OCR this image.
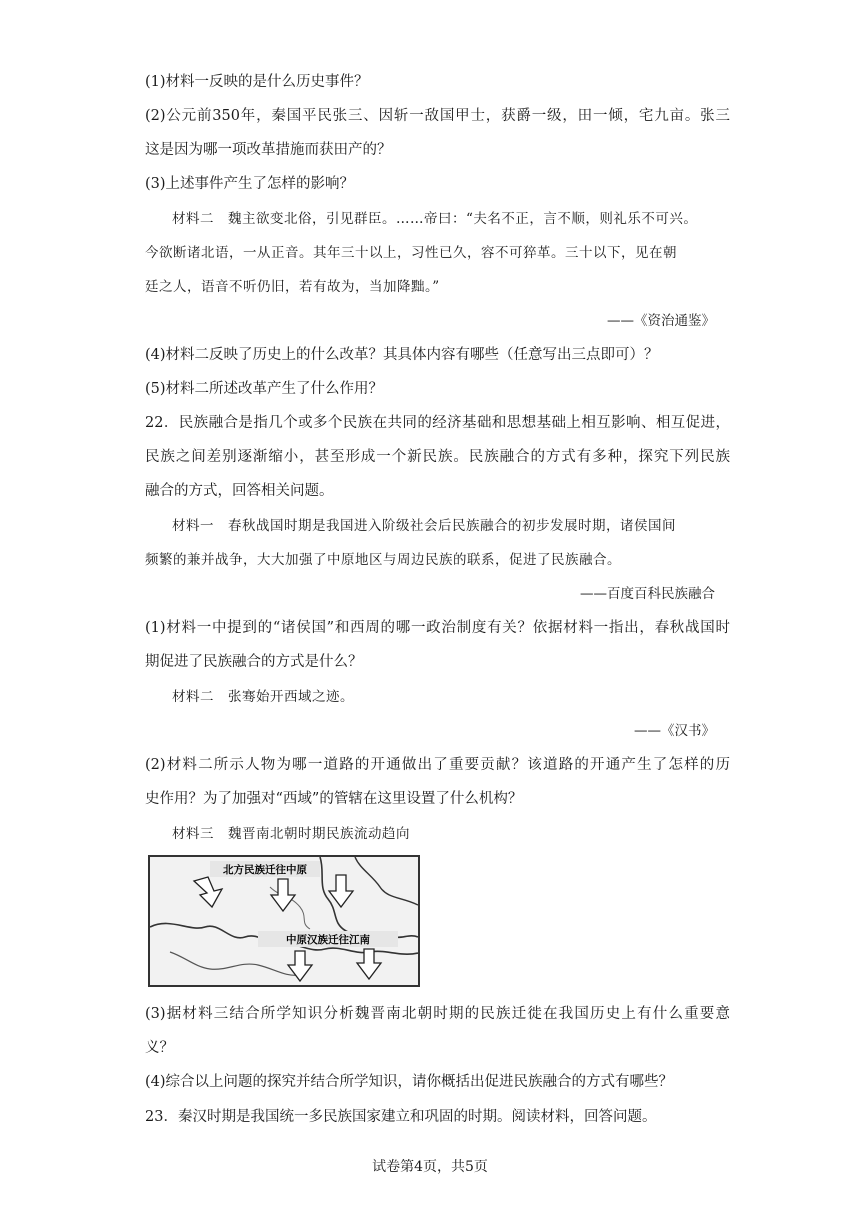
(1)材料一反映的是什么历史事件？
(2)公元前350年，秦国平民张三、因斩一敌国甲士，获爵一级，田一倾，宅九亩。张三
这是因为哪一项改革措施而获田产的？
(3)上述事件产生了怎样的影响？
材料二　魏主欲变北俗，引见群臣。……帝曰：“夫名不正，言不顺，则礼乐不可兴。
今欲断诸北语，一从正音。其年三十以上，习性已久，容不可猝革。三十以下，见在朝
廷之人，语音不听仍旧，若有故为，当加降黜。”
——《资治通鉴》
(4)材料二反映了历史上的什么改革？其具体内容有哪些（任意写出三点即可）？
(5)材料二所述改革产生了什么作用？
22．民族融合是指几个或多个民族在共同的经济基础和思想基础上相互影响、相互促进，
民族之间差别逐渐缩小，甚至形成一个新民族。民族融合的方式有多种，探究下列民族
融合的方式，回答相关问题。
材料一　春秋战国时期是我国进入阶级社会后民族融合的初步发展时期，诸侯国间
频繁的兼并战争，大大加强了中原地区与周边民族的联系，促进了民族融合。
——百度百科民族融合
(1)材料一中提到的“诸侯国”和西周的哪一政治制度有关？依据材料一指出，春秋战国时
期促进了民族融合的方式是什么？
材料二　张骞始开西域之迹。
——《汉书》
(2)材料二所示人物为哪一道路的开通做出了重要贡献？该道路的开通产生了怎样的历
史作用？为了加强对“西域”的管辖在这里设置了什么机构？
材料三　魏晋南北朝时期民族流动趋向
北方民族迁往中原
中原汉族迁往江南
(3)据材料三结合所学知识分析魏晋南北朝时期的民族迁徙在我国历史上有什么重要意
义？
(4)综合以上问题的探究并结合所学知识，请你概括出促进民族融合的方式有哪些？
23．秦汉时期是我国统一多民族国家建立和巩固的时期。阅读材料，回答问题。
试卷第4页，共5页
